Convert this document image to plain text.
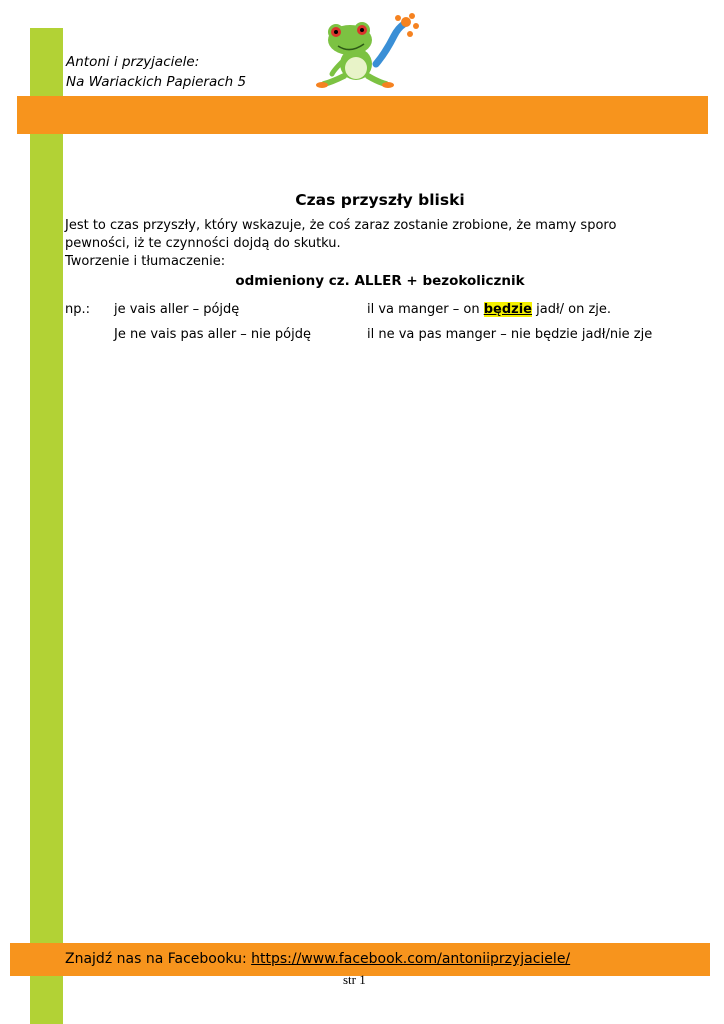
Antoni i przyjaciele:
Na Wariackich Papierach 5
Czas przyszły bliski
Jest to czas przyszły, który wskazuje, że coś zaraz zostanie zrobione, że mamy sporo
pewności, iż te czynności dojdą do skutku.
Tworzenie i tłumaczenie:
odmieniony cz. ALLER + bezokolicznik
np.: je vais aller – pójdę	il va manger – on będzie jadł/ on zje.
Je ne vais pas aller – nie pójdę	il ne va pas manger – nie będzie jadł/nie zje
Znajdź nas na Facebooku: https://www.facebook.com/antoniiprzyjaciele/
str 1
